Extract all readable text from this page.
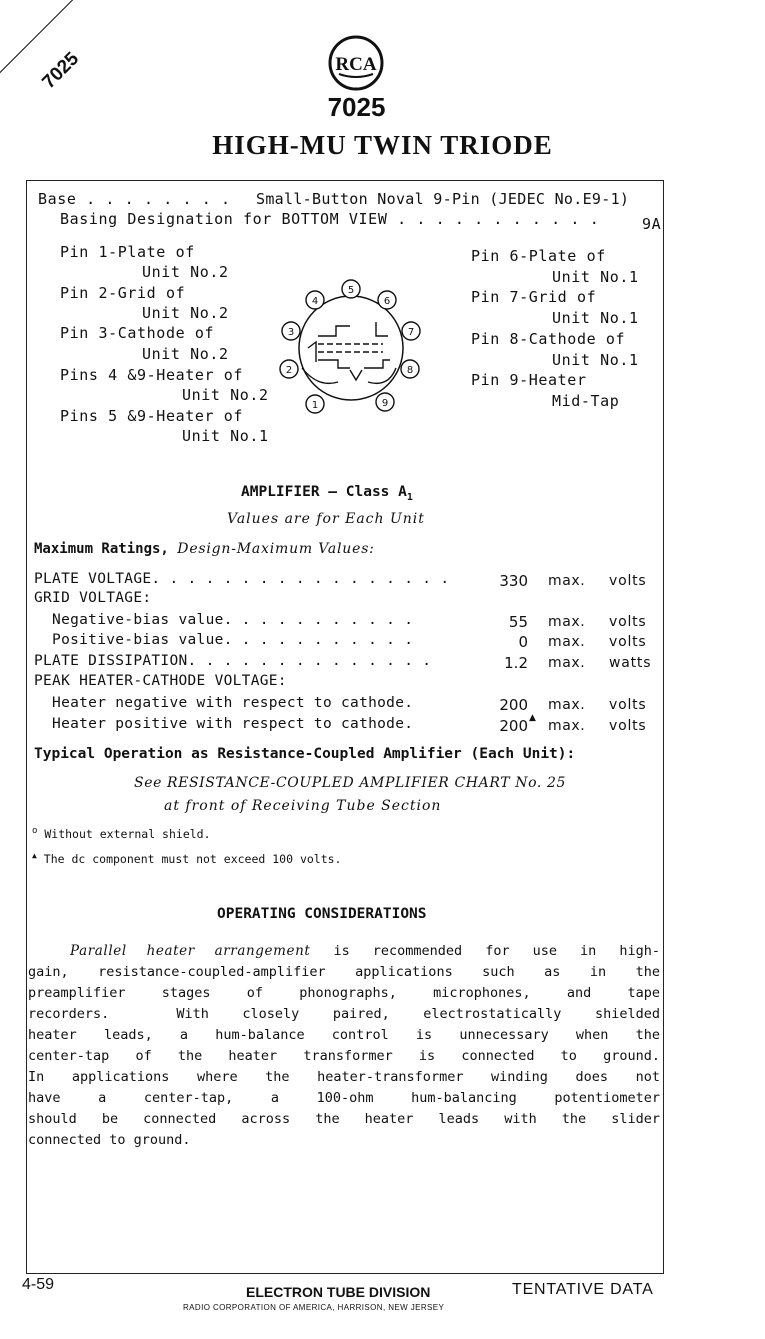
7025	RCA
7025
HIGH-MU TWIN TRIODE
Base . . . . . . . . Small-Button Noval 9-Pin (JEDEC No.E9-1)
Basing Designation for BOTTOM VIEW . . . . . . . . . . .	9A
Pin 1-Plate of
Unit No.2
Pin 2-Grid of
Unit No.2
Pin 3-Cathode of
Unit No.2
Pins 4 &9-Heater of
Unit No.2
Pins 5 &9-Heater of
Unit No.1
Pin 6-Plate of
Unit No.1
Pin 7-Grid of
Unit No.1
Pin 8-Cathode of
Unit No.1
Pin 9-Heater
Mid-Tap
1
2
3
4
5
6
7
8
9
AMPLIFIER — Class $A_1$
Values are for Each Unit
Maximum Ratings, Design-Maximum Values:
PLATE VOLTAGE. . . . . . . . . . . . . . . . .	330 max. volts
GRID VOLTAGE:
Negative-bias value. . . . . . . . . . .	55 max. volts
Positive-bias value. . . . . . . . . . .	0 max. volts
PLATE DISSIPATION. . . . . . . . . . . . . .	1.2 max. watts
PEAK HEATER-CATHODE VOLTAGE:
Heater negative with respect to cathode.	200 max. volts
Heater positive with respect to cathode.	200 ▲ max. volts
Typical Operation as Resistance-Coupled Amplifier (Each Unit):
See RESISTANCE-COUPLED AMPLIFIER CHART No. 25
at front of Receiving Tube Section
$^o$ Without external shield.
▲ The dc component must not exceed 100 volts.
OPERATING CONSIDERATIONS
Parallel heater arrangement is recommended for use in high-
gain, resistance-coupled-amplifier applications such as in the
preamplifier stages of phonographs, microphones, and tape
recorders.  With closely paired, electrostatically shielded
heater leads, a hum-balance control is unnecessary when the
center-tap of the heater transformer is connected to ground.
In applications where the heater-transformer winding does not
have a center-tap, a 100-ohm hum-balancing potentiometer
should be connected across the heater leads with the slider
connected to ground.
4-59	ELECTRON TUBE DIVISION
RADIO CORPORATION OF AMERICA, HARRISON, NEW JERSEY
TENTATIVE DATA
